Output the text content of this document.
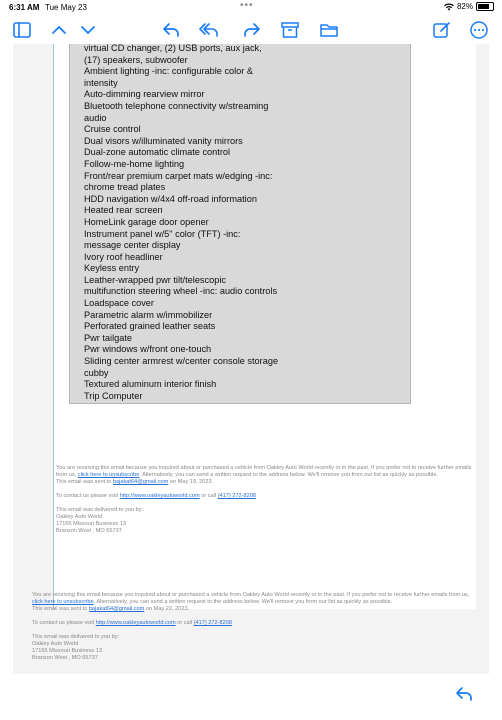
6:31 AM Tue May 23	•••	82%
virtual CD changer, (2) USB ports, aux jack,
(17) speakers, subwoofer
Ambient lighting -inc: configurable color &
intensity
Auto-dimming rearview mirror
Bluetooth telephone connectivity w/streaming
audio
Cruise control
Dual visors w/illuminated vanity mirrors
Dual-zone automatic climate control
Follow-me-home lighting
Front/rear premium carpet mats w/edging -inc:
chrome tread plates
HDD navigation w/4x4 off-road information
Heated rear screen
HomeLink garage door opener
Instrument panel w/5" color (TFT) -inc:
message center display
Ivory roof headliner
Keyless entry
Leather-wrapped pwr tilt/telescopic
multifunction steering wheel -inc: audio controls
Loadspace cover
Parametric alarm w/immobilizer
Perforated grained leather seats
Pwr tailgate
Pwr windows w/front one-touch
Sliding center armrest w/center console storage
cubby
Textured aluminum interior finish
Trip Computer

You are receiving this email because you inquired about or purchased a vehicle from Oakley Auto World recently or in the past. If you prefer not to receive further emails from us, click here to unsubscribe. Alternatively, you can send a written request to the address below. We'll remove you from our list as quickly as possible.

This email was sent to bajakat64@gmail.com on May 19, 2023.

To contact us please visit http://www.oakleyautoworld.com or call (417) 272-8208

This email was delivered to you by:

Oakley Auto World

17165 Missouri Business 13

Branson West , MO 65737

You are receiving this email because you inquired about or purchased a vehicle from Oakley Auto World recently or in the past. If you prefer not to receive further emails from us, click here to unsubscribe. Alternatively, you can send a written request to the address below. We'll remove you from our list as quickly as possible.

This email was sent to bajakat64@gmail.com on May 22, 2023.

To contact us please visit http://www.oakleyautoworld.com or call (417) 272-8208

This email was delivered to you by:

Oakley Auto World

17165 Missouri Business 13

Branson West , MO 65737
